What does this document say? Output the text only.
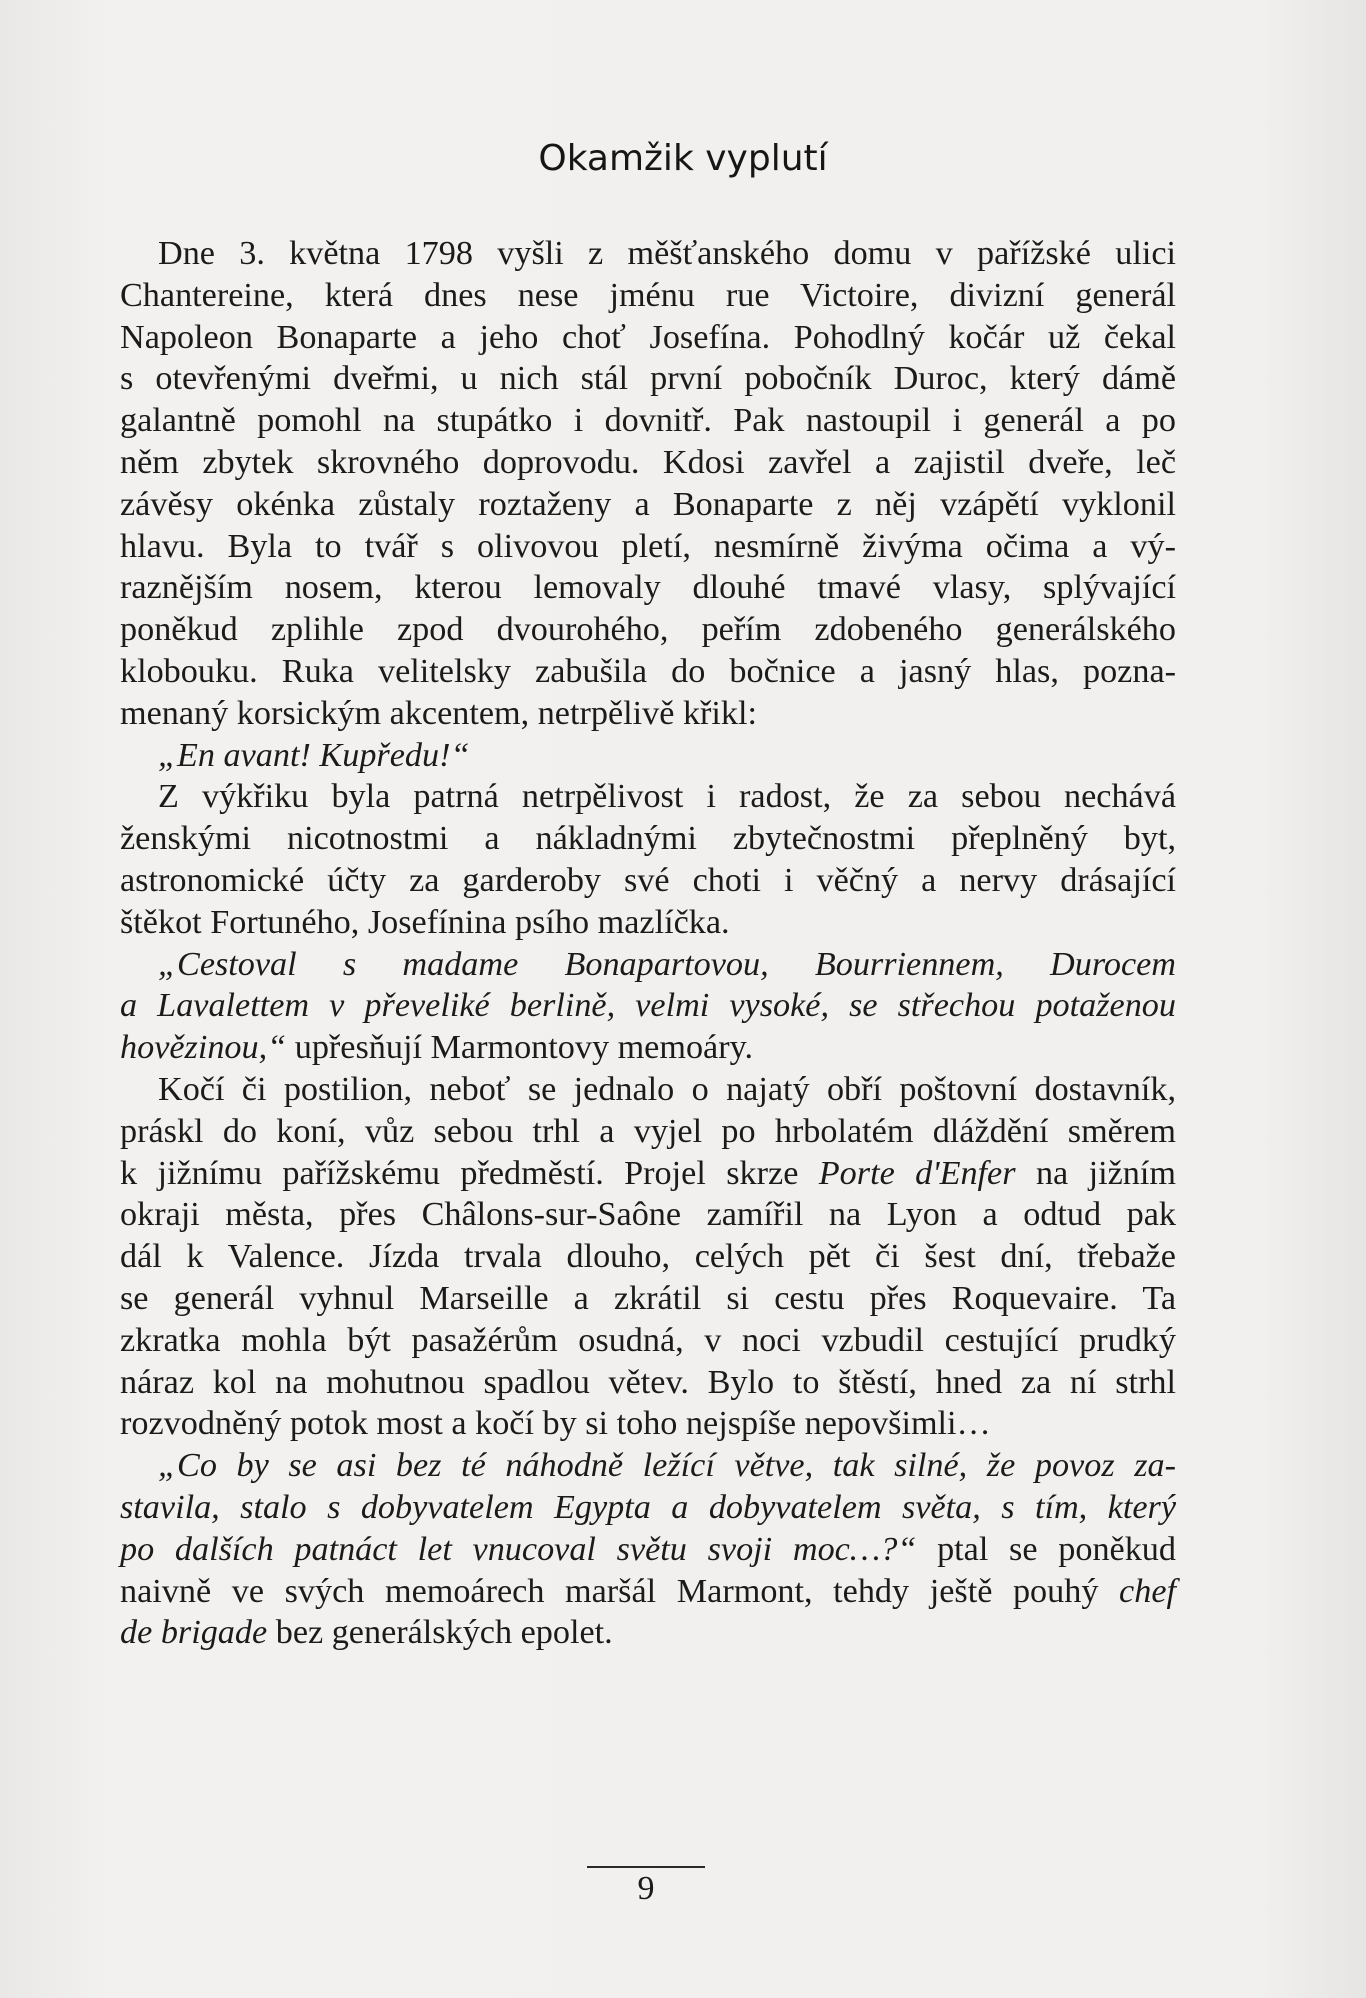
Okamžik vyplutí
Dne 3. května 1798 vyšli z měšťanského domu v pařížské ulici
Chantereine, která dnes nese jménu rue Victoire, divizní generál
Napoleon Bonaparte a jeho choť Josefína. Pohodlný kočár už čekal
s otevřenými dveřmi, u nich stál první pobočník Duroc, který dámě
galantně pomohl na stupátko i dovnitř. Pak nastoupil i generál a po
něm zbytek skrovného doprovodu. Kdosi zavřel a zajistil dveře, leč
závěsy okénka zůstaly roztaženy a Bonaparte z něj vzápětí vyklonil
hlavu. Byla to tvář s olivovou pletí, nesmírně živýma očima a vý-
raznějším nosem, kterou lemovaly dlouhé tmavé vlasy, splývající
poněkud zplihle zpod dvourohého, peřím zdobeného generálského
klobouku. Ruka velitelsky zabušila do bočnice a jasný hlas, pozna-
menaný korsickým akcentem, netrpělivě křikl:
„En avant! Kupředu!“
Z výkřiku byla patrná netrpělivost i radost, že za sebou nechává
ženskými nicotnostmi a nákladnými zbytečnostmi přeplněný byt,
astronomické účty za garderoby své choti i věčný a nervy drásající
štěkot Fortuného, Josefínina psího mazlíčka.
„Cestoval s madame Bonapartovou, Bourriennem, Durocem
a Lavalettem v převeliké berlině, velmi vysoké, se střechou potaženou
hovězinou,“ upřesňují Marmontovy memoáry.
Kočí či postilion, neboť se jednalo o najatý obří poštovní dostavník,
práskl do koní, vůz sebou trhl a vyjel po hrbolatém dláždění směrem
k jižnímu pařížskému předměstí. Projel skrze Porte d'Enfer na jižním
okraji města, přes Châlons-sur-Saône zamířil na Lyon a odtud pak
dál k Valence. Jízda trvala dlouho, celých pět či šest dní, třebaže
se generál vyhnul Marseille a zkrátil si cestu přes Roquevaire. Ta
zkratka mohla být pasažérům osudná, v noci vzbudil cestující prudký
náraz kol na mohutnou spadlou větev. Bylo to štěstí, hned za ní strhl
rozvodněný potok most a kočí by si toho nejspíše nepovšimli…
„Co by se asi bez té náhodně ležící větve, tak silné, že povoz za-
stavila, stalo s dobyvatelem Egypta a dobyvatelem světa, s tím, který
po dalších patnáct let vnucoval světu svoji moc…?“ ptal se poněkud
naivně ve svých memoárech maršál Marmont, tehdy ještě pouhý chef
de brigade bez generálských epolet.
9
